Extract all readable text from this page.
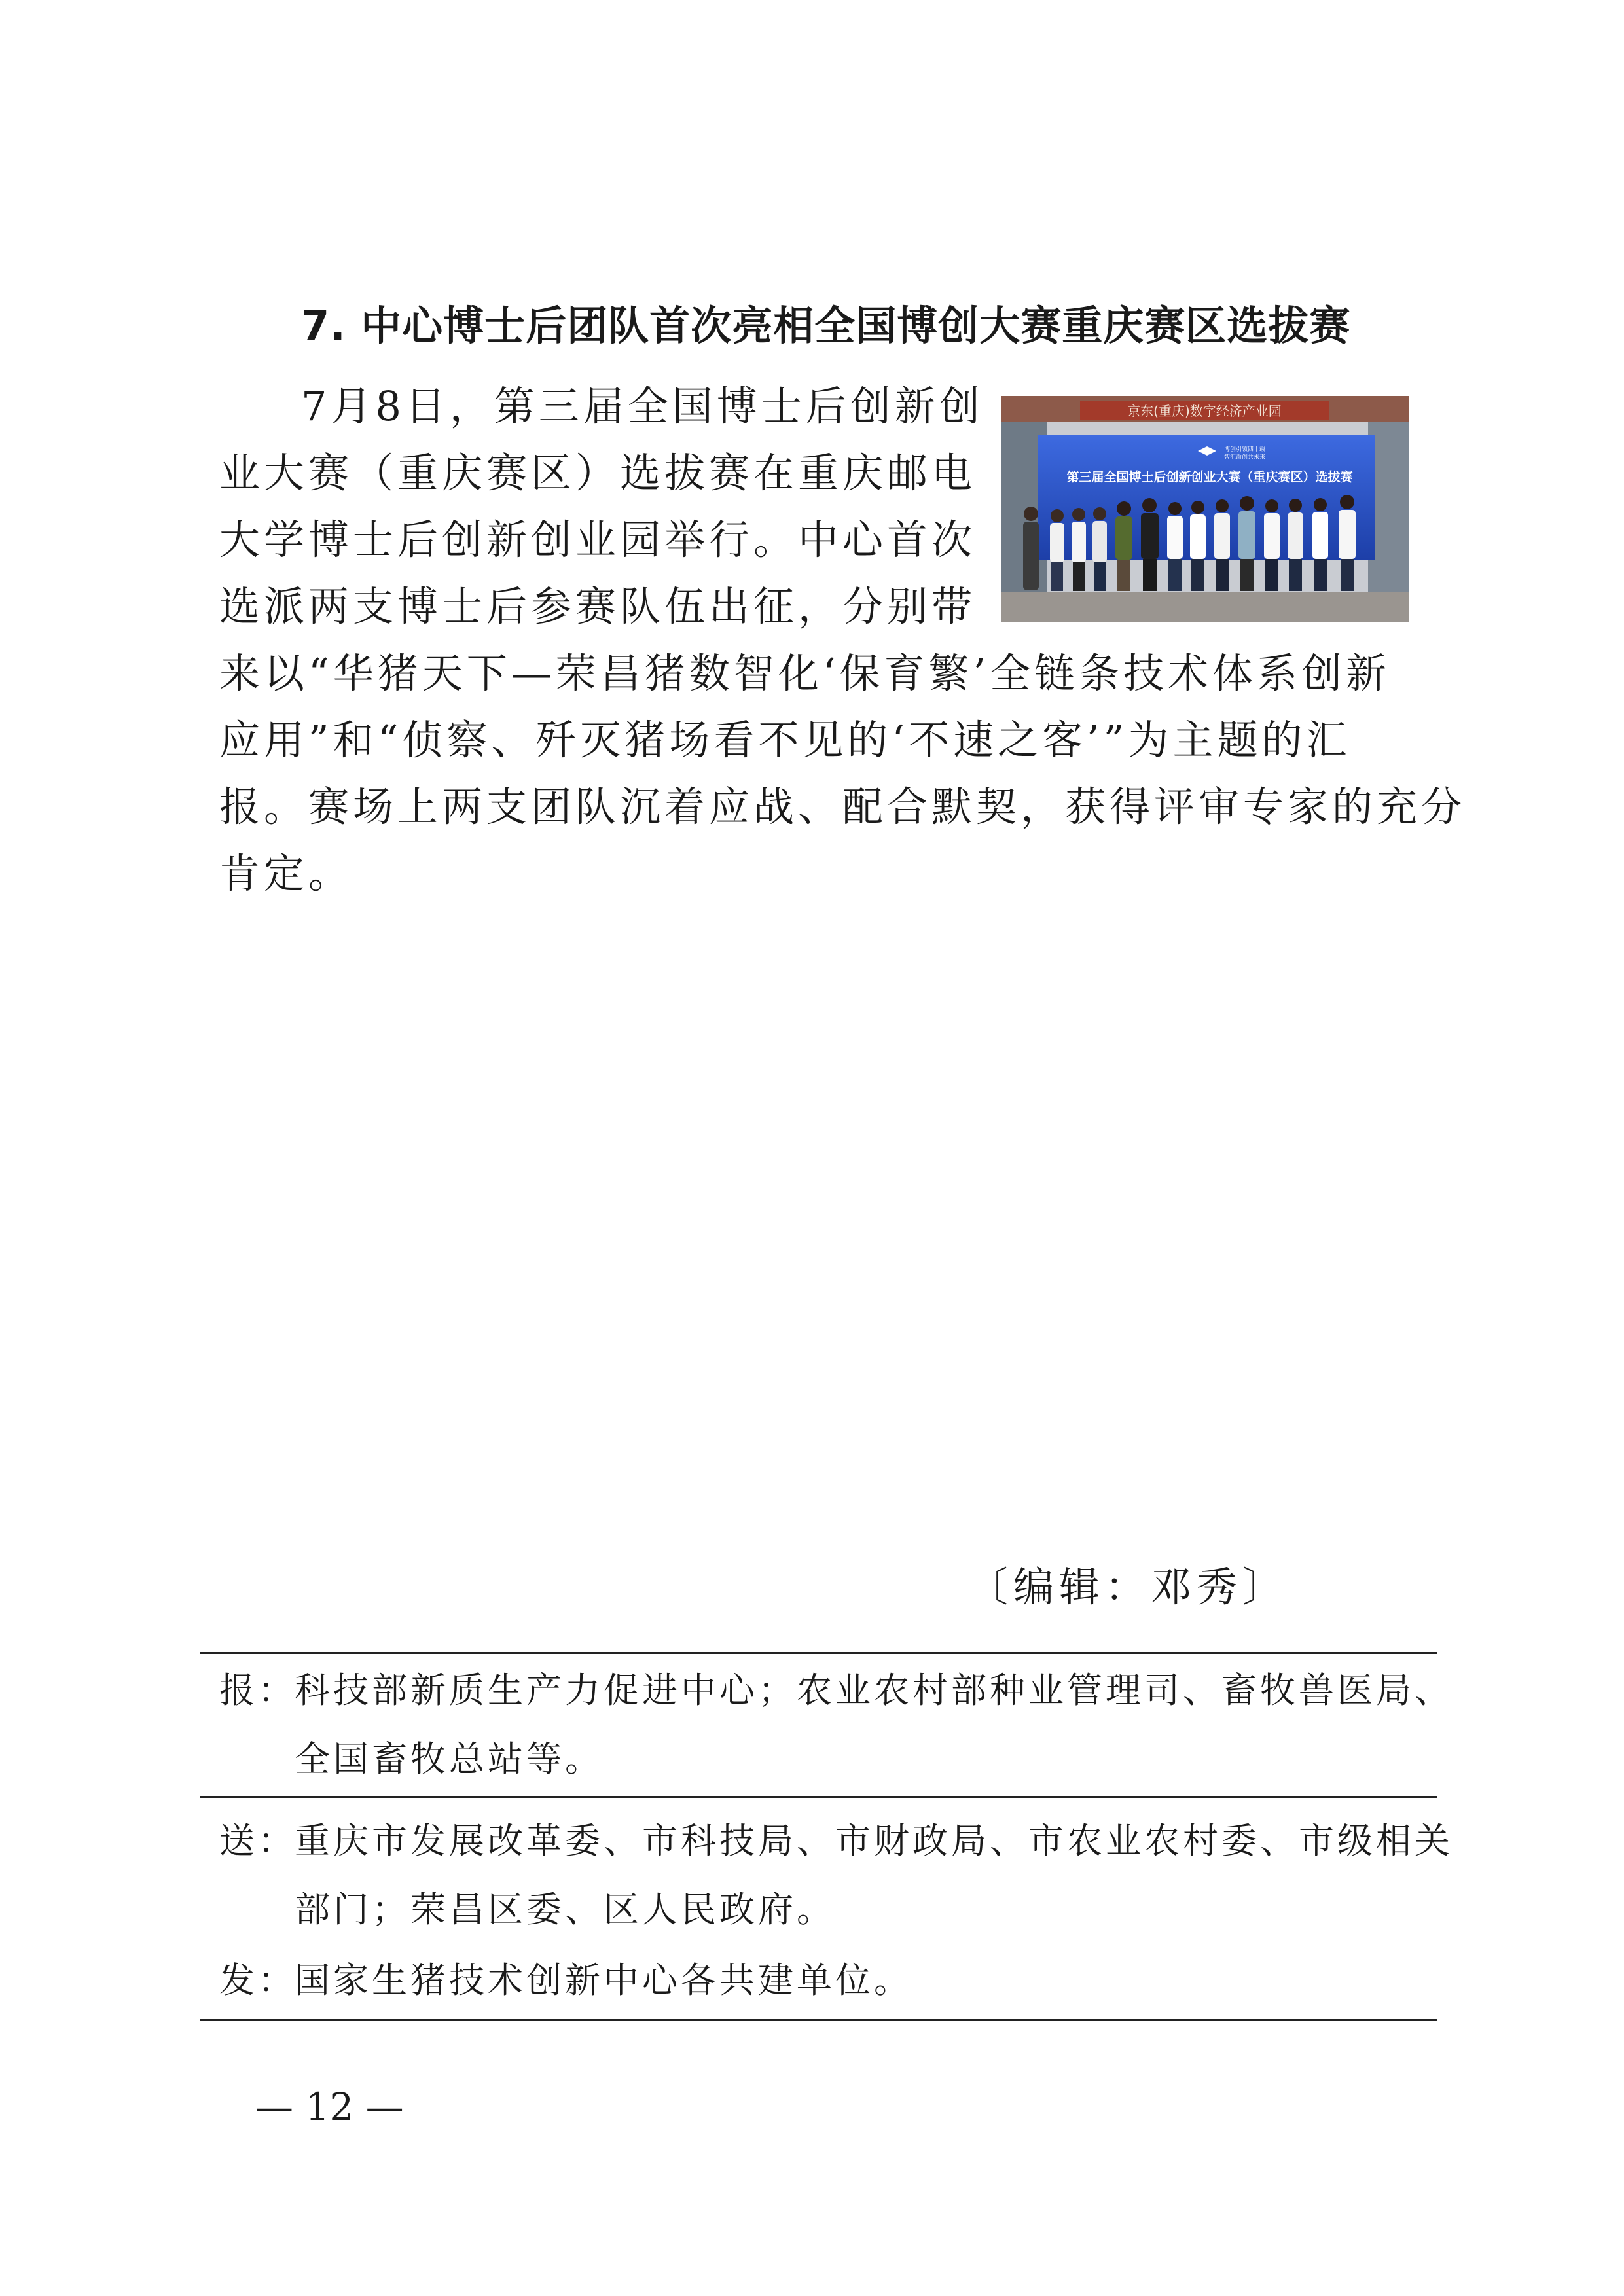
7. 中心博士后团队首次亮相全国博创大赛重庆赛区选拔赛
7月8日，第三届全国博士后创新创
业大赛（重庆赛区）选拔赛在重庆邮电
大学博士后创新创业园举行。中心首次
选派两支博士后参赛队伍出征，分别带
来以“华猪天下—荣昌猪数智化‘保育繁’全链条技术体系创新
应用”和“侦察、歼灭猪场看不见的‘不速之客’”为主题的汇
报。赛场上两支团队沉着应战、配合默契，获得评审专家的充分
肯定。
京东(重庆)数字经济产业园
博创引领四十载
智汇渝创共未来
第三届全国博士后创新创业大赛（重庆赛区）选拔赛
〔编辑：邓秀〕
报：
科技部新质生产力促进中心；农业农村部种业管理司、畜牧兽医局、
全国畜牧总站等。
送：
重庆市发展改革委、市科技局、市财政局、市农业农村委、市级相关
部门；荣昌区委、区人民政府。
发：
国家生猪技术创新中心各共建单位。
— 12 —
